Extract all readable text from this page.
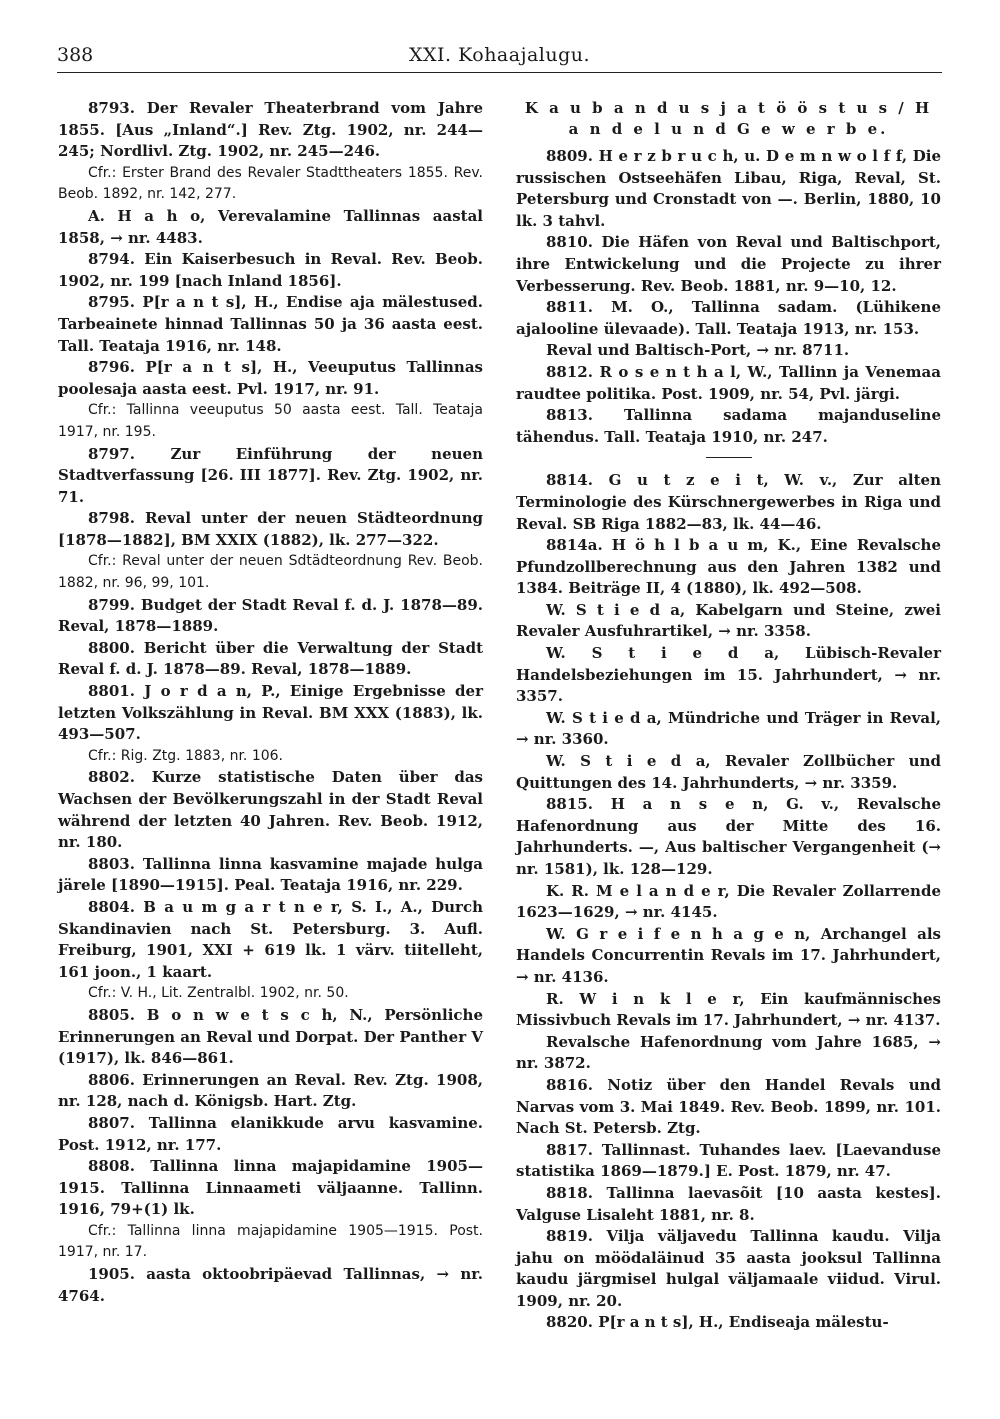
388	XXI. Kohaajalugu.

8793. Der Revaler Theaterbrand vom Jahre 1855. [Aus „Inland“.] Rev. Ztg. 1902, nr. 244—245; Nordlivl. Ztg. 1902, nr. 245—246.

Cfr.: Erster Brand des Revaler Stadttheaters 1855. Rev. Beob. 1892, nr. 142, 277.

A. H a h o, Verevalamine Tallinnas aastal 1858, → nr. 4483.

8794. Ein Kaiserbesuch in Reval. Rev. Beob. 1902, nr. 199 [nach Inland 1856].

8795. P[r a n t s], H., Endise aja mälestused. Tarbeainete hinnad Tallinnas 50 ja 36 aasta eest. Tall. Teataja 1916, nr. 148.

8796. P[r a n t s], H., Veeuputus Tallinnas poolesaja aasta eest. Pvl. 1917, nr. 91.

Cfr.: Tallinna veeuputus 50 aasta eest. Tall. Teataja 1917, nr. 195.

8797. Zur Einführung der neuen Stadtverfassung [26. III 1877]. Rev. Ztg. 1902, nr. 71.

8798. Reval unter der neuen Städteordnung [1878—1882], BM XXIX (1882), lk. 277—322.

Cfr.: Reval unter der neuen Sdtädteordnung Rev. Beob. 1882, nr. 96, 99, 101.

8799. Budget der Stadt Reval f. d. J. 1878—89. Reval, 1878—1889.

8800. Bericht über die Verwaltung der Stadt Reval f. d. J. 1878—89. Reval, 1878—1889.

8801. J o r d a n, P., Einige Ergebnisse der letzten Volkszählung in Reval. BM XXX (1883), lk. 493—507.

Cfr.: Rig. Ztg. 1883, nr. 106.

8802. Kurze statistische Daten über das Wachsen der Bevölkerungszahl in der Stadt Reval während der letzten 40 Jahren. Rev. Beob. 1912, nr. 180.

8803. Tallinna linna kasvamine majade hulga järele [1890—1915]. Peal. Teataja 1916, nr. 229.

8804. B a u m g a r t n e r, S. I., A., Durch Skandinavien nach St. Petersburg. 3. Aufl. Freiburg, 1901, XXI + 619 lk. 1 värv. tiitelleht, 161 joon., 1 kaart.

Cfr.: V. H., Lit. Zentralbl. 1902, nr. 50.

8805. B o n w e t s c h, N., Persönliche Erinnerungen an Reval und Dorpat. Der Panther V (1917), lk. 846—861.

8806. Erinnerungen an Reval. Rev. Ztg. 1908, nr. 128, nach d. Königsb. Hart. Ztg.

8807. Tallinna elanikkude arvu kasvamine. Post. 1912, nr. 177.

8808. Tallinna linna majapidamine 1905—1915. Tallinna Linnaameti väljaanne. Tallinn. 1916, 79+(1) lk.

Cfr.: Tallinna linna majapidamine 1905—1915. Post. 1917, nr. 17.

1905. aasta oktoobripäevad Tallinnas, → nr. 4764.

K a u b a n d u s j a t ö ö s t u s / H a n d e l u n d G e w e r b e.

8809. H e r z b r u c h, u. D e m n w o l f f, Die russischen Ostseehäfen Libau, Riga, Reval, St. Petersburg und Cronstadt von —. Berlin, 1880, 10 lk. 3 tahvl.

8810. Die Häfen von Reval und Baltischport, ihre Entwickelung und die Projecte zu ihrer Verbesserung. Rev. Beob. 1881, nr. 9—10, 12.

8811. M. O., Tallinna sadam. (Lühikene ajalooline ülevaade). Tall. Teataja 1913, nr. 153.

Reval und Baltisch-Port, → nr. 8711.

8812. R o s e n t h a l, W., Tallinn ja Venemaa raudtee politika. Post. 1909, nr. 54, Pvl. järgi.

8813. Tallinna sadama majanduseline tähendus. Tall. Teataja 1910, nr. 247.

8814. G u t z e i t, W. v., Zur alten Terminologie des Kürschnergewerbes in Riga und Reval. SB Riga 1882—83, lk. 44—46.

8814a. H ö h l b a u m, K., Eine Revalsche Pfundzollberechnung aus den Jahren 1382 und 1384. Beiträge II, 4 (1880), lk. 492—508.

W. S t i e d a, Kabelgarn und Steine, zwei Revaler Ausfuhrartikel, → nr. 3358.

W. S t i e d a, Lübisch-Revaler Handelsbeziehungen im 15. Jahrhundert, → nr. 3357.

W. S t i e d a, Mündriche und Träger in Reval, → nr. 3360.

W. S t i e d a, Revaler Zollbücher und Quittungen des 14. Jahrhunderts, → nr. 3359.

8815. H a n s e n, G. v., Revalsche Hafenordnung aus der Mitte des 16. Jahrhunderts. —, Aus baltischer Vergangenheit (→ nr. 1581), lk. 128—129.

K. R. M e l a n d e r, Die Revaler Zollarrende 1623—1629, → nr. 4145.

W. G r e i f e n h a g e n, Archangel als Handels Concurrentin Revals im 17. Jahrhundert, → nr. 4136.

R. W i n k l e r, Ein kaufmännisches Missivbuch Revals im 17. Jahrhundert, → nr. 4137.

Revalsche Hafenordnung vom Jahre 1685, → nr. 3872.

8816. Notiz über den Handel Revals und Narvas vom 3. Mai 1849. Rev. Beob. 1899, nr. 101. Nach St. Petersb. Ztg.

8817. Tallinnast. Tuhandes laev. [Laevanduse statistika 1869—1879.] E. Post. 1879, nr. 47.

8818. Tallinna laevasõit [10 aasta kestes]. Valguse Lisaleht 1881, nr. 8.

8819. Vilja väljavedu Tallinna kaudu. Vilja jahu on möödaläinud 35 aasta jooksul Tallinna kaudu järgmisel hulgal väljamaale viidud. Virul. 1909, nr. 20.

8820. P[r a n t s], H., Endiseaja mälestu-
